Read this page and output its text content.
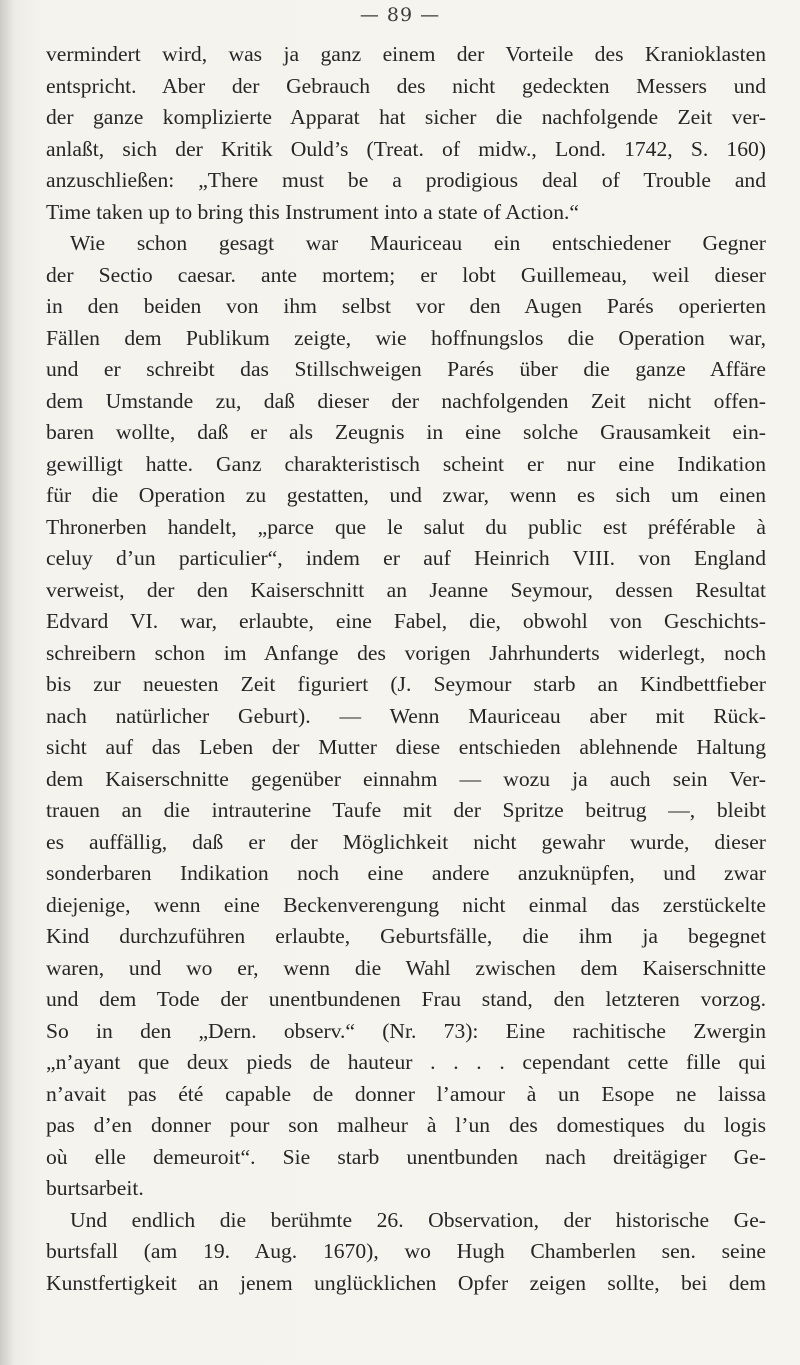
— 89 —
vermindert wird, was ja ganz einem der Vorteile des Kranioklasten
entspricht. Aber der Gebrauch des nicht gedeckten Messers und
der ganze komplizierte Apparat hat sicher die nachfolgende Zeit ver-
anlaßt, sich der Kritik Ould’s (Treat. of midw., Lond. 1742, S. 160)
anzuschließen: „There must be a prodigious deal of Trouble and
Time taken up to bring this Instrument into a state of Action.“
Wie schon gesagt war Mauriceau ein entschiedener Gegner
der Sectio caesar. ante mortem; er lobt Guillemeau, weil dieser
in den beiden von ihm selbst vor den Augen Parés operierten
Fällen dem Publikum zeigte, wie hoffnungslos die Operation war,
und er schreibt das Stillschweigen Parés über die ganze Affäre
dem Umstande zu, daß dieser der nachfolgenden Zeit nicht offen-
baren wollte, daß er als Zeugnis in eine solche Grausamkeit ein-
gewilligt hatte. Ganz charakteristisch scheint er nur eine Indikation
für die Operation zu gestatten, und zwar, wenn es sich um einen
Thronerben handelt, „parce que le salut du public est préférable à
celuy d’un particulier“, indem er auf Heinrich VIII. von England
verweist, der den Kaiserschnitt an Jeanne Seymour, dessen Resultat
Edvard VI. war, erlaubte, eine Fabel, die, obwohl von Geschichts-
schreibern schon im Anfange des vorigen Jahrhunderts widerlegt, noch
bis zur neuesten Zeit figuriert (J. Seymour starb an Kindbettfieber
nach natürlicher Geburt). — Wenn Mauriceau aber mit Rück-
sicht auf das Leben der Mutter diese entschieden ablehnende Haltung
dem Kaiserschnitte gegenüber einnahm — wozu ja auch sein Ver-
trauen an die intrauterine Taufe mit der Spritze beitrug —, bleibt
es auffällig, daß er der Möglichkeit nicht gewahr wurde, dieser
sonderbaren Indikation noch eine andere anzuknüpfen, und zwar
diejenige, wenn eine Beckenverengung nicht einmal das zerstückelte
Kind durchzuführen erlaubte, Geburtsfälle, die ihm ja begegnet
waren, und wo er, wenn die Wahl zwischen dem Kaiserschnitte
und dem Tode der unentbundenen Frau stand, den letzteren vorzog.
So in den „Dern. observ.“ (Nr. 73): Eine rachitische Zwergin
„n’ayant que deux pieds de hauteur . . . . cependant cette fille qui
n’avait pas été capable de donner l’amour à un Esope ne laissa
pas d’en donner pour son malheur à l’un des domestiques du logis
où elle demeuroit“. Sie starb unentbunden nach dreitägiger Ge-
burtsarbeit.
Und endlich die berühmte 26. Observation, der historische Ge-
burtsfall (am 19. Aug. 1670), wo Hugh Chamberlen sen. seine
Kunstfertigkeit an jenem unglücklichen Opfer zeigen sollte, bei dem
